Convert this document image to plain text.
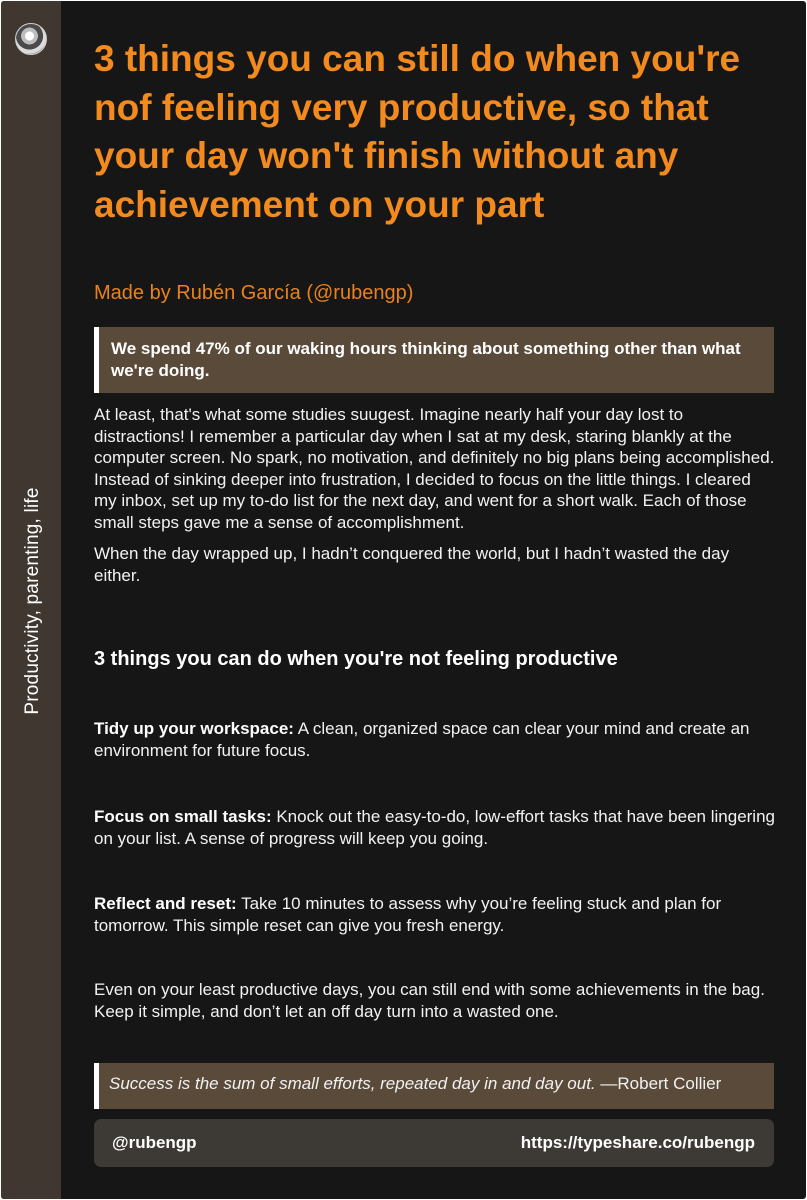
Productivity, parenting, life
3 things you can still do when you're nof feeling very productive, so that your day won't finish without any achievement on your part
Made by Rubén García (@rubengp)
We spend 47% of our waking hours thinking about something other than what we're doing.

At least, that's what some studies suugest. Imagine nearly half your day lost to distractions! I remember a particular day when I sat at my desk, staring blankly at the computer screen. No spark, no motivation, and definitely no big plans being accomplished. Instead of sinking deeper into frustration, I decided to focus on the little things. I cleared my inbox, set up my to-do list for the next day, and went for a short walk. Each of those small steps gave me a sense of accomplishment.

When the day wrapped up, I hadn’t conquered the world, but I hadn’t wasted the day either.

3 things you can do when you're not feeling productive

Tidy up your workspace: A clean, organized space can clear your mind and create an environment for future focus.

Focus on small tasks: Knock out the easy-to-do, low-effort tasks that have been lingering on your list. A sense of progress will keep you going.

Reflect and reset: Take 10 minutes to assess why you’re feeling stuck and plan for tomorrow. This simple reset can give you fresh energy.

Even on your least productive days, you can still end with some achievements in the bag. Keep it simple, and don’t let an off day turn into a wasted one.

Success is the sum of small efforts, repeated day in and day out. —Robert Collier
@rubengp	https://typeshare.co/rubengp
